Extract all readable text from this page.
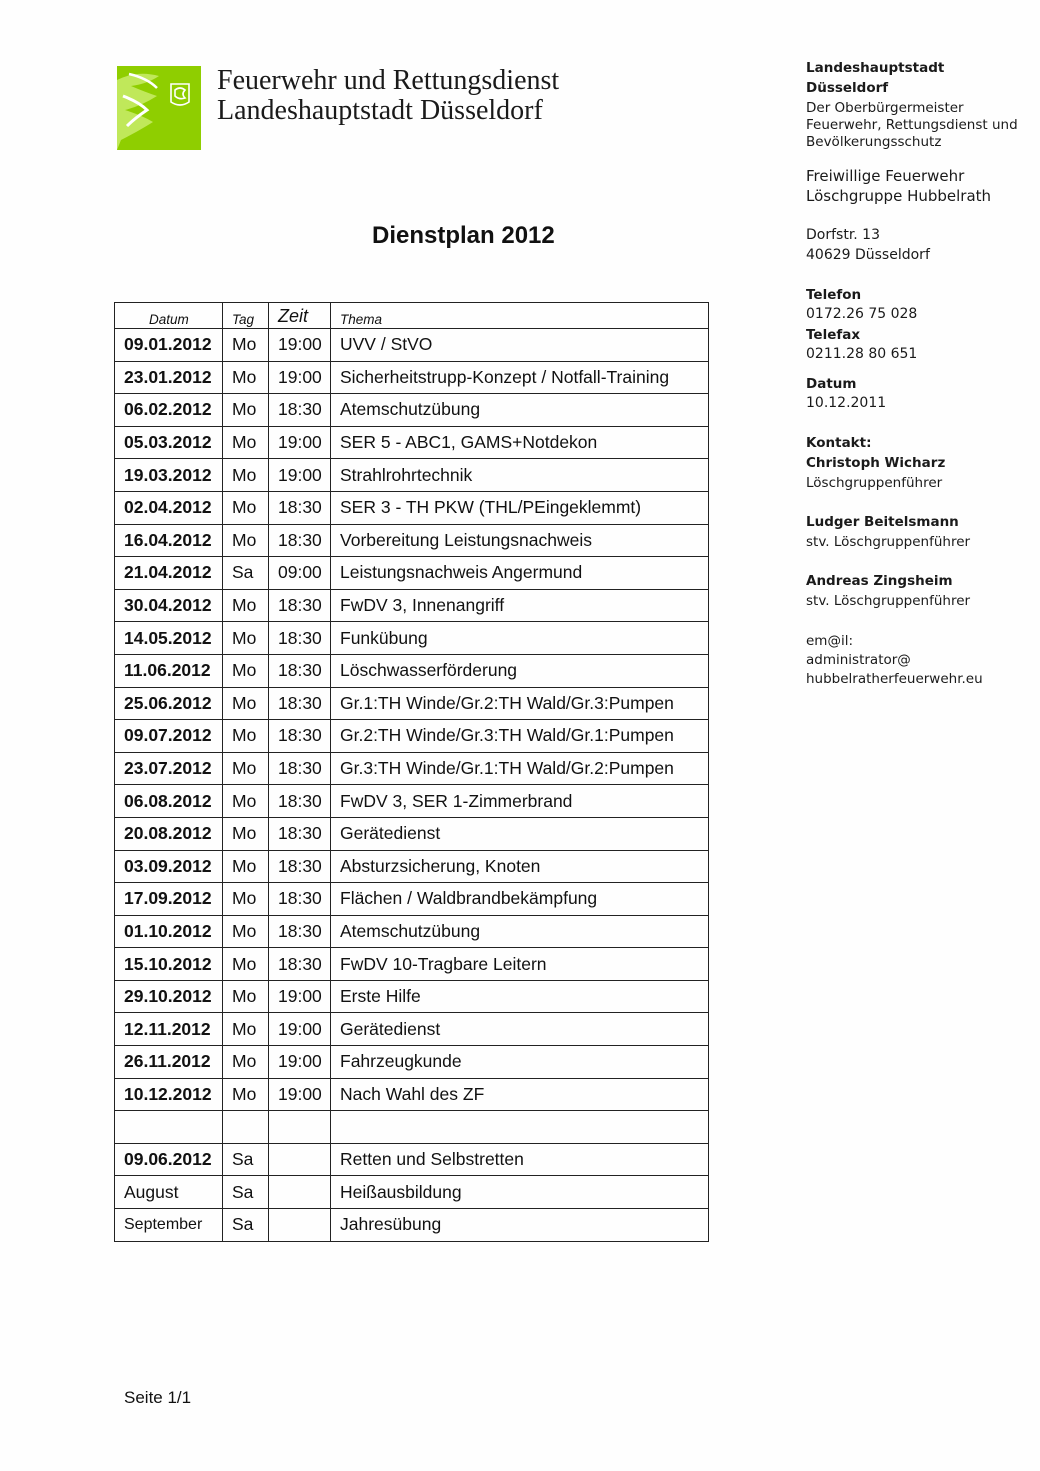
Feuerwehr und Rettungsdienst
Landeshauptstadt Düsseldorf
Dienstplan 2012
Landeshauptstadt
Düsseldorf
Der Oberbürgermeister
Feuerwehr, Rettungsdienst und
Bevölkerungsschutz
Freiwillige Feuerwehr
Löschgruppe Hubbelrath
Dorfstr. 13
40629 Düsseldorf
Telefon
0172.26 75 028
Telefax
0211.28 80 651
Datum
10.12.2011
Kontakt:
Christoph Wicharz
Löschgruppenführer
Ludger Beitelsmann
stv. Löschgruppenführer
Andreas Zingsheim
stv. Löschgruppenführer
em@il:
administrator@
hubbelratherfeuerwehr.eu
Datum	Tag	Zeit	Thema
09.01.2012	Mo	19:00	UVV / StVO
23.01.2012	Mo	19:00	Sicherheitstrupp-Konzept / Notfall-Training
06.02.2012	Mo	18:30	Atemschutzübung
05.03.2012	Mo	19:00	SER 5 - ABC1, GAMS+Notdekon
19.03.2012	Mo	19:00	Strahlrohrtechnik
02.04.2012	Mo	18:30	SER 3 - TH PKW (THL/PEingeklemmt)
16.04.2012	Mo	18:30	Vorbereitung Leistungsnachweis
21.04.2012	Sa	09:00	Leistungsnachweis Angermund
30.04.2012	Mo	18:30	FwDV 3, Innenangriff
14.05.2012	Mo	18:30	Funkübung
11.06.2012	Mo	18:30	Löschwasserförderung
25.06.2012	Mo	18:30	Gr.1:TH Winde/Gr.2:TH Wald/Gr.3:Pumpen
09.07.2012	Mo	18:30	Gr.2:TH Winde/Gr.3:TH Wald/Gr.1:Pumpen
23.07.2012	Mo	18:30	Gr.3:TH Winde/Gr.1:TH Wald/Gr.2:Pumpen
06.08.2012	Mo	18:30	FwDV 3, SER 1-Zimmerbrand
20.08.2012	Mo	18:30	Gerätedienst
03.09.2012	Mo	18:30	Absturzsicherung, Knoten
17.09.2012	Mo	18:30	Flächen / Waldbrandbekämpfung
01.10.2012	Mo	18:30	Atemschutzübung
15.10.2012	Mo	18:30	FwDV 10-Tragbare Leitern
29.10.2012	Mo	19:00	Erste Hilfe
12.11.2012	Mo	19:00	Gerätedienst
26.11.2012	Mo	19:00	Fahrzeugkunde
10.12.2012	Mo	19:00	Nach Wahl des ZF

09.06.2012	Sa		Retten und Selbstretten
August	Sa		Heißausbildung
September	Sa		Jahresübung
Seite 1/1
